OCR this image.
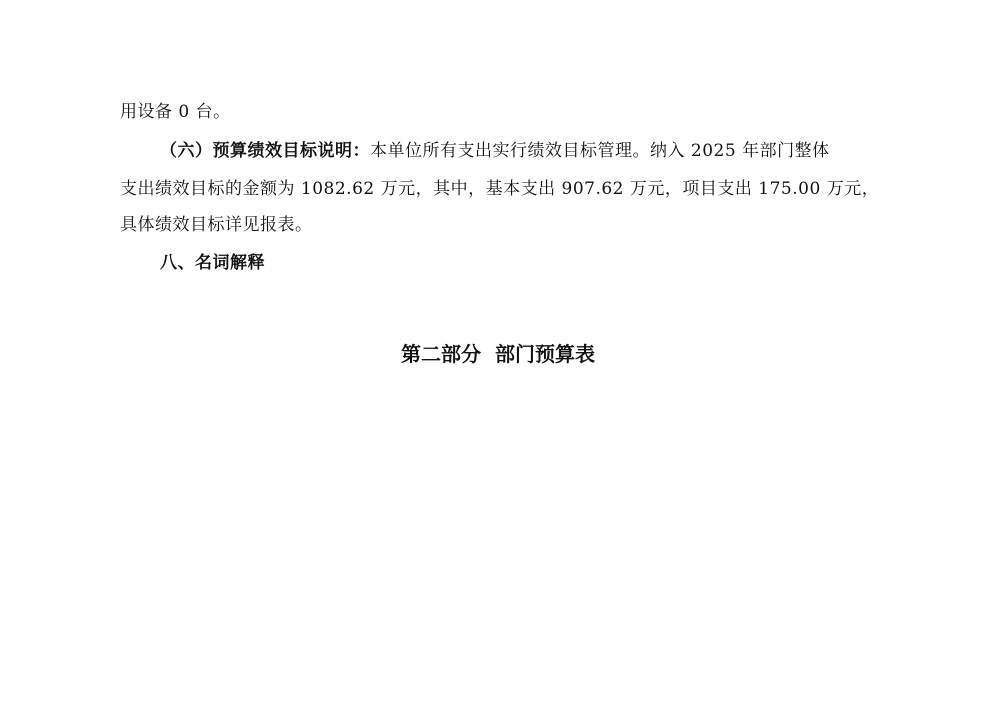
用设备 0 台。
（六）预算绩效目标说明：本单位所有支出实行绩效目标管理。纳入 2025 年部门整体
支出绩效目标的金额为 1082.62 万元，其中，基本支出 907.62 万元，项目支出 175.00 万元，
具体绩效目标详见报表。
八、名词解释
第二部分  部门预算表
